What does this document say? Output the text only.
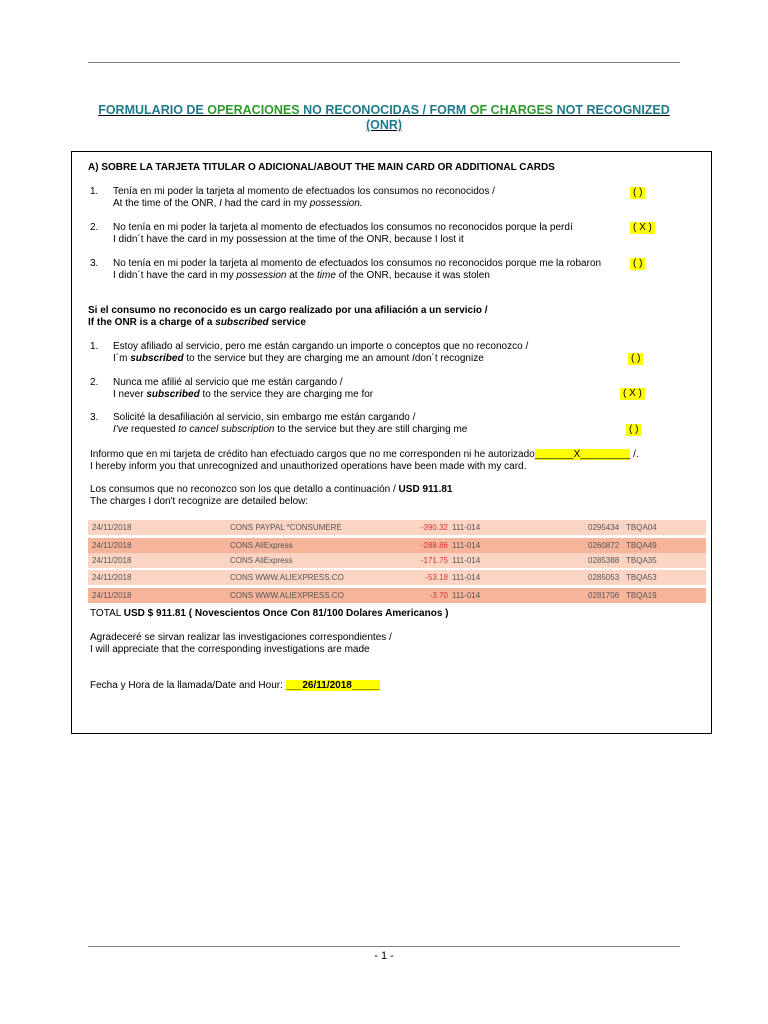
FORMULARIO DE OPERACIONES NO RECONOCIDAS / FORM OF CHARGES NOT RECOGNIZED
(ONR)
A) SOBRE LA TARJETA TITULAR O ADICIONAL/ABOUT THE MAIN CARD OR ADDITIONAL CARDS
1. Tenía en mi poder la tarjeta al momento de efectuados los consumos no reconocidos /
At the time of the ONR, I had the card in my possession.
( )
2. No tenía en mi poder la tarjeta al momento de efectuados los consumos no reconocidos porque la perdí
I didn´t have the card in my possession at the time of the ONR, because I lost it
( X )
3. No tenía en mi poder la tarjeta al momento de efectuados los consumos no reconocidos porque me la robaron
I didn´t have the card in my possession at the time of the ONR, because it was stolen
( )
Si el consumo no reconocido es un cargo realizado por una afiliación a un servicio /
If the ONR is a charge of a subscribed service
1. Estoy afiliado al servicio, pero me están cargando un importe o conceptos que no reconozco /
I´m subscribed to the service but they are charging me an amount Idon´t recognize	( )
2. Nunca me afilié al servicio que me están cargando /
I never subscribed to the service they are charging me for	( X )
3. Solicité la desafiliación al servicio, sin embargo me están cargando /
I've requested to cancel subscription to the service but they are still charging me	( )
Informo que en mi tarjeta de crédito han efectuado cargos que no me corresponden ni he autorizado_______X_________ /.
I hereby inform you that unrecognized and unauthorized operations have been made with my card.
Los consumos que no reconozco son los que detallo a continuación / USD 911.81
The charges I don't recognize are detailed below:
24/11/2018	CONS PAYPAL *CONSUMERE	-390.32 111-014	0295434 TBQA04
24/11/2018	CONS AliExpress	-288.86 111-014	0260872 TBQA49
24/11/2018	CONS AliExpress	-171.75 111-014	0285388 TBQA35
24/11/2018	CONS WWW.ALIEXPRESS.CO	-53.18 111-014	0285053 TBQA53
24/11/2018	CONS WWW.ALIEXPRESS.CO	-3.70 111-014	0281706 TBQA19
TOTAL USD $ 911.81 ( Novescientos Once Con 81/100 Dolares Americanos )
Agradeceré se sirvan realizar las investigaciones correspondientes /
I will appreciate that the corresponding investigations are made
Fecha y Hora de la llamada/Date and Hour: ___26/11/2018_____
- 1 -
